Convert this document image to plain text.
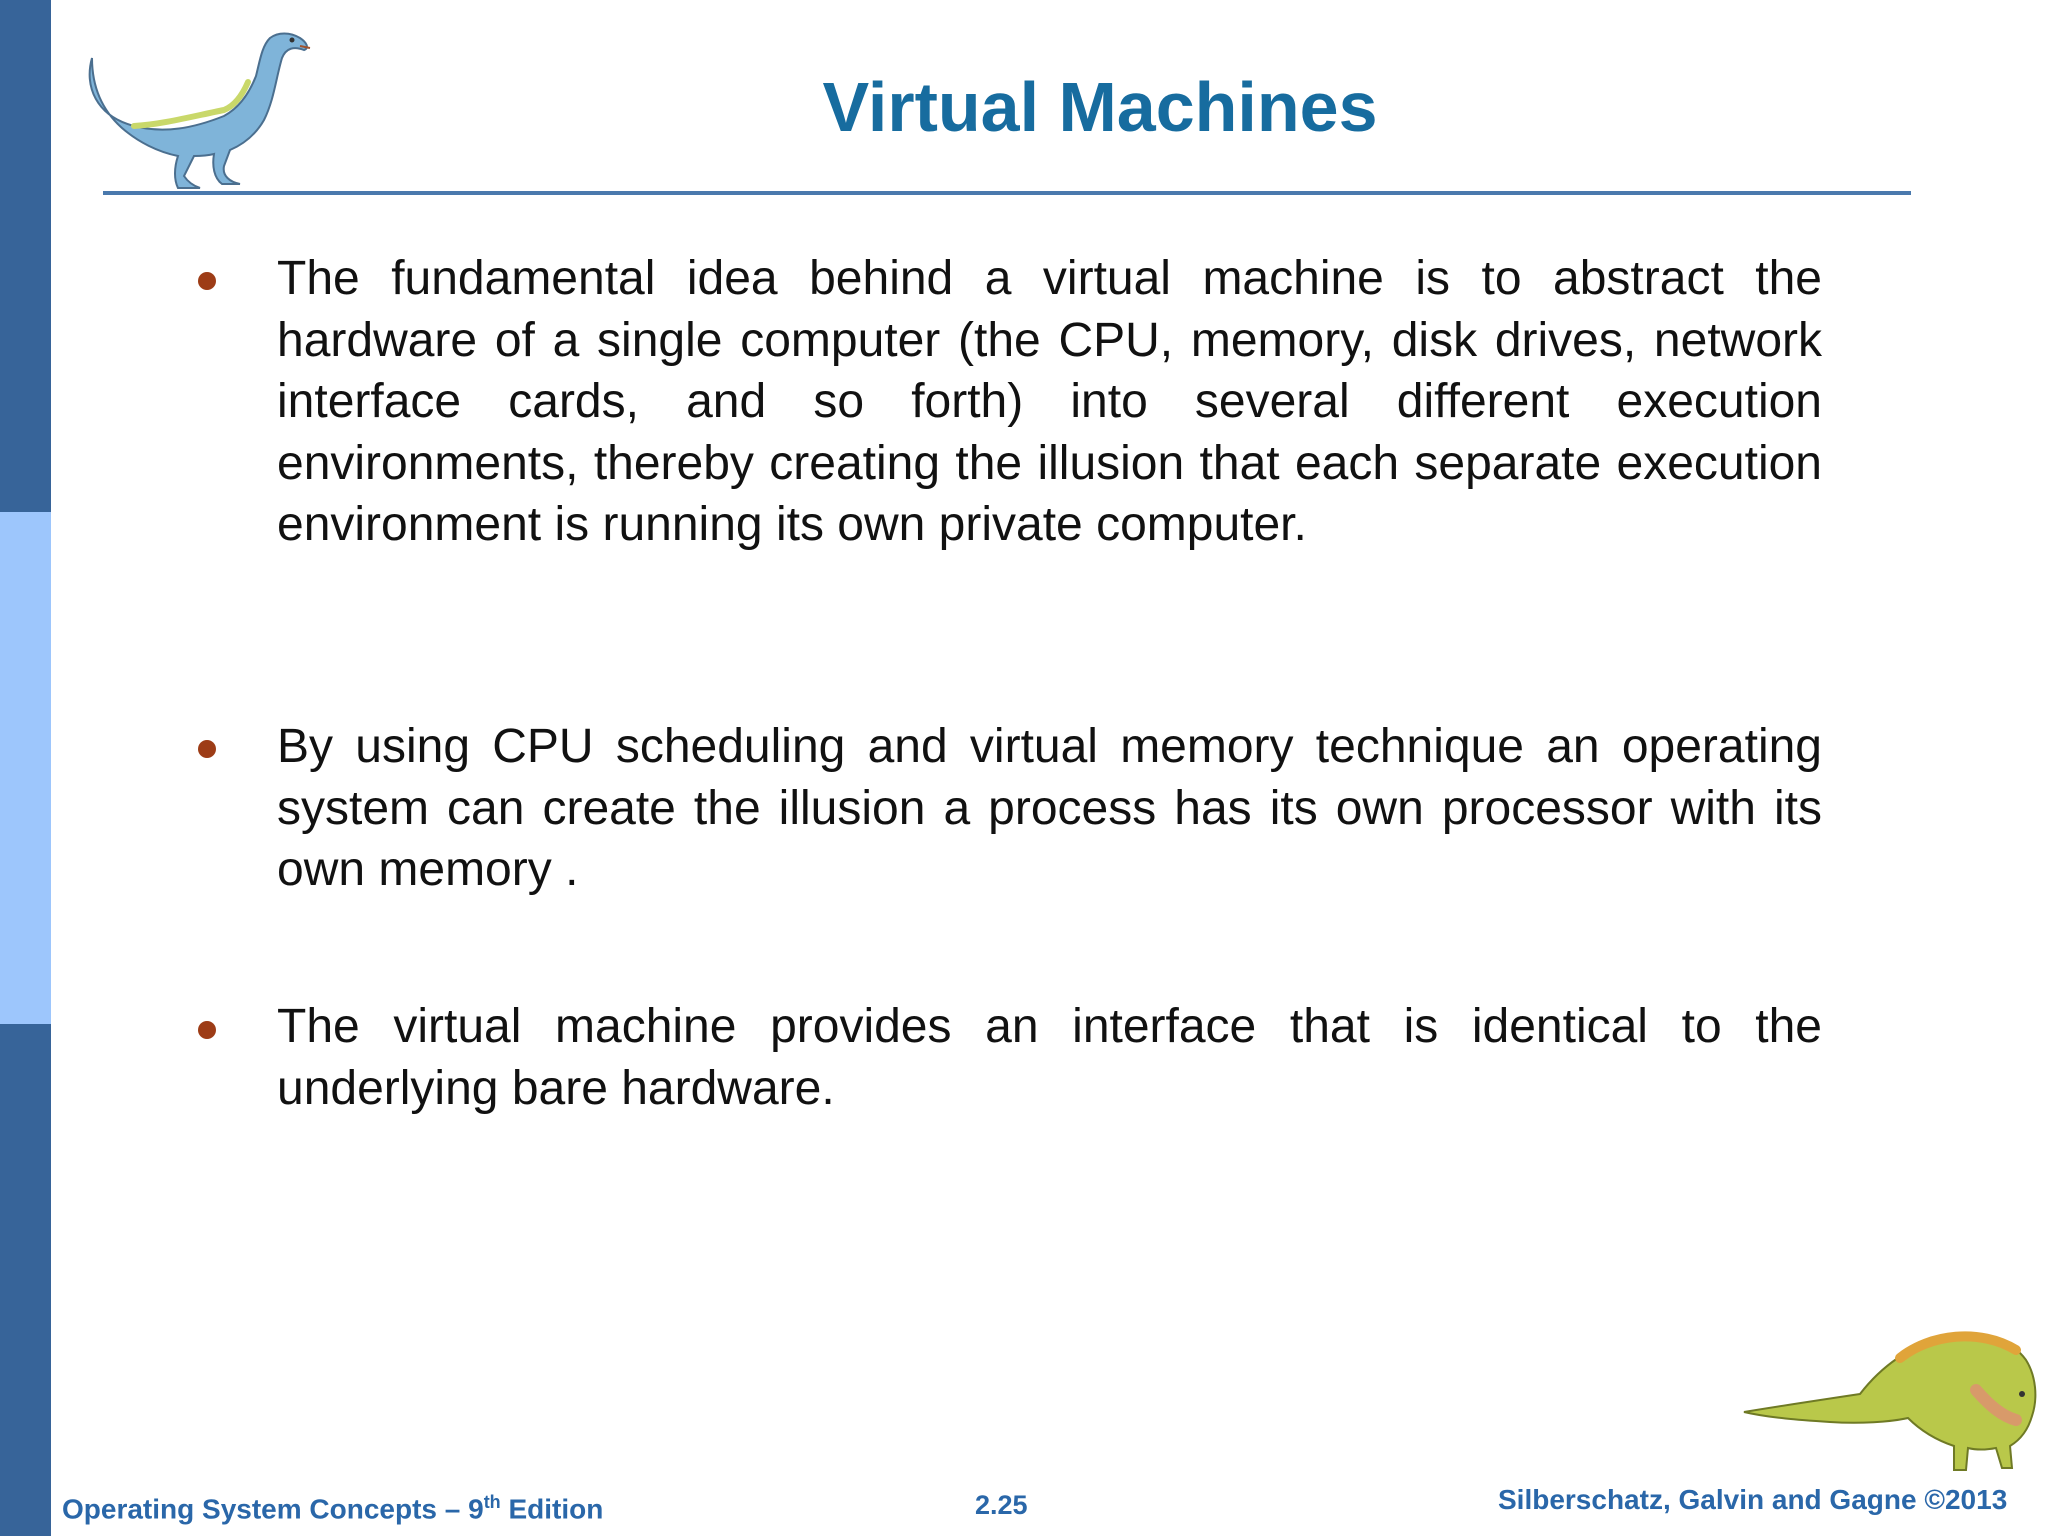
Virtual Machines

The fundamental idea behind a virtual machine is to abstract the hardware of a single computer (the CPU, memory, disk drives, network interface cards, and so forth) into several different execution environments, thereby creating the illusion that each separate execution environment is running its own private computer.

By using CPU scheduling and virtual memory technique an operating system can create the illusion a process has its own processor with its own memory .

The virtual machine provides an interface that is identical to the underlying bare hardware.

Operating System Concepts – 9th Edition	2.25	Silberschatz, Galvin and Gagne ©2013
